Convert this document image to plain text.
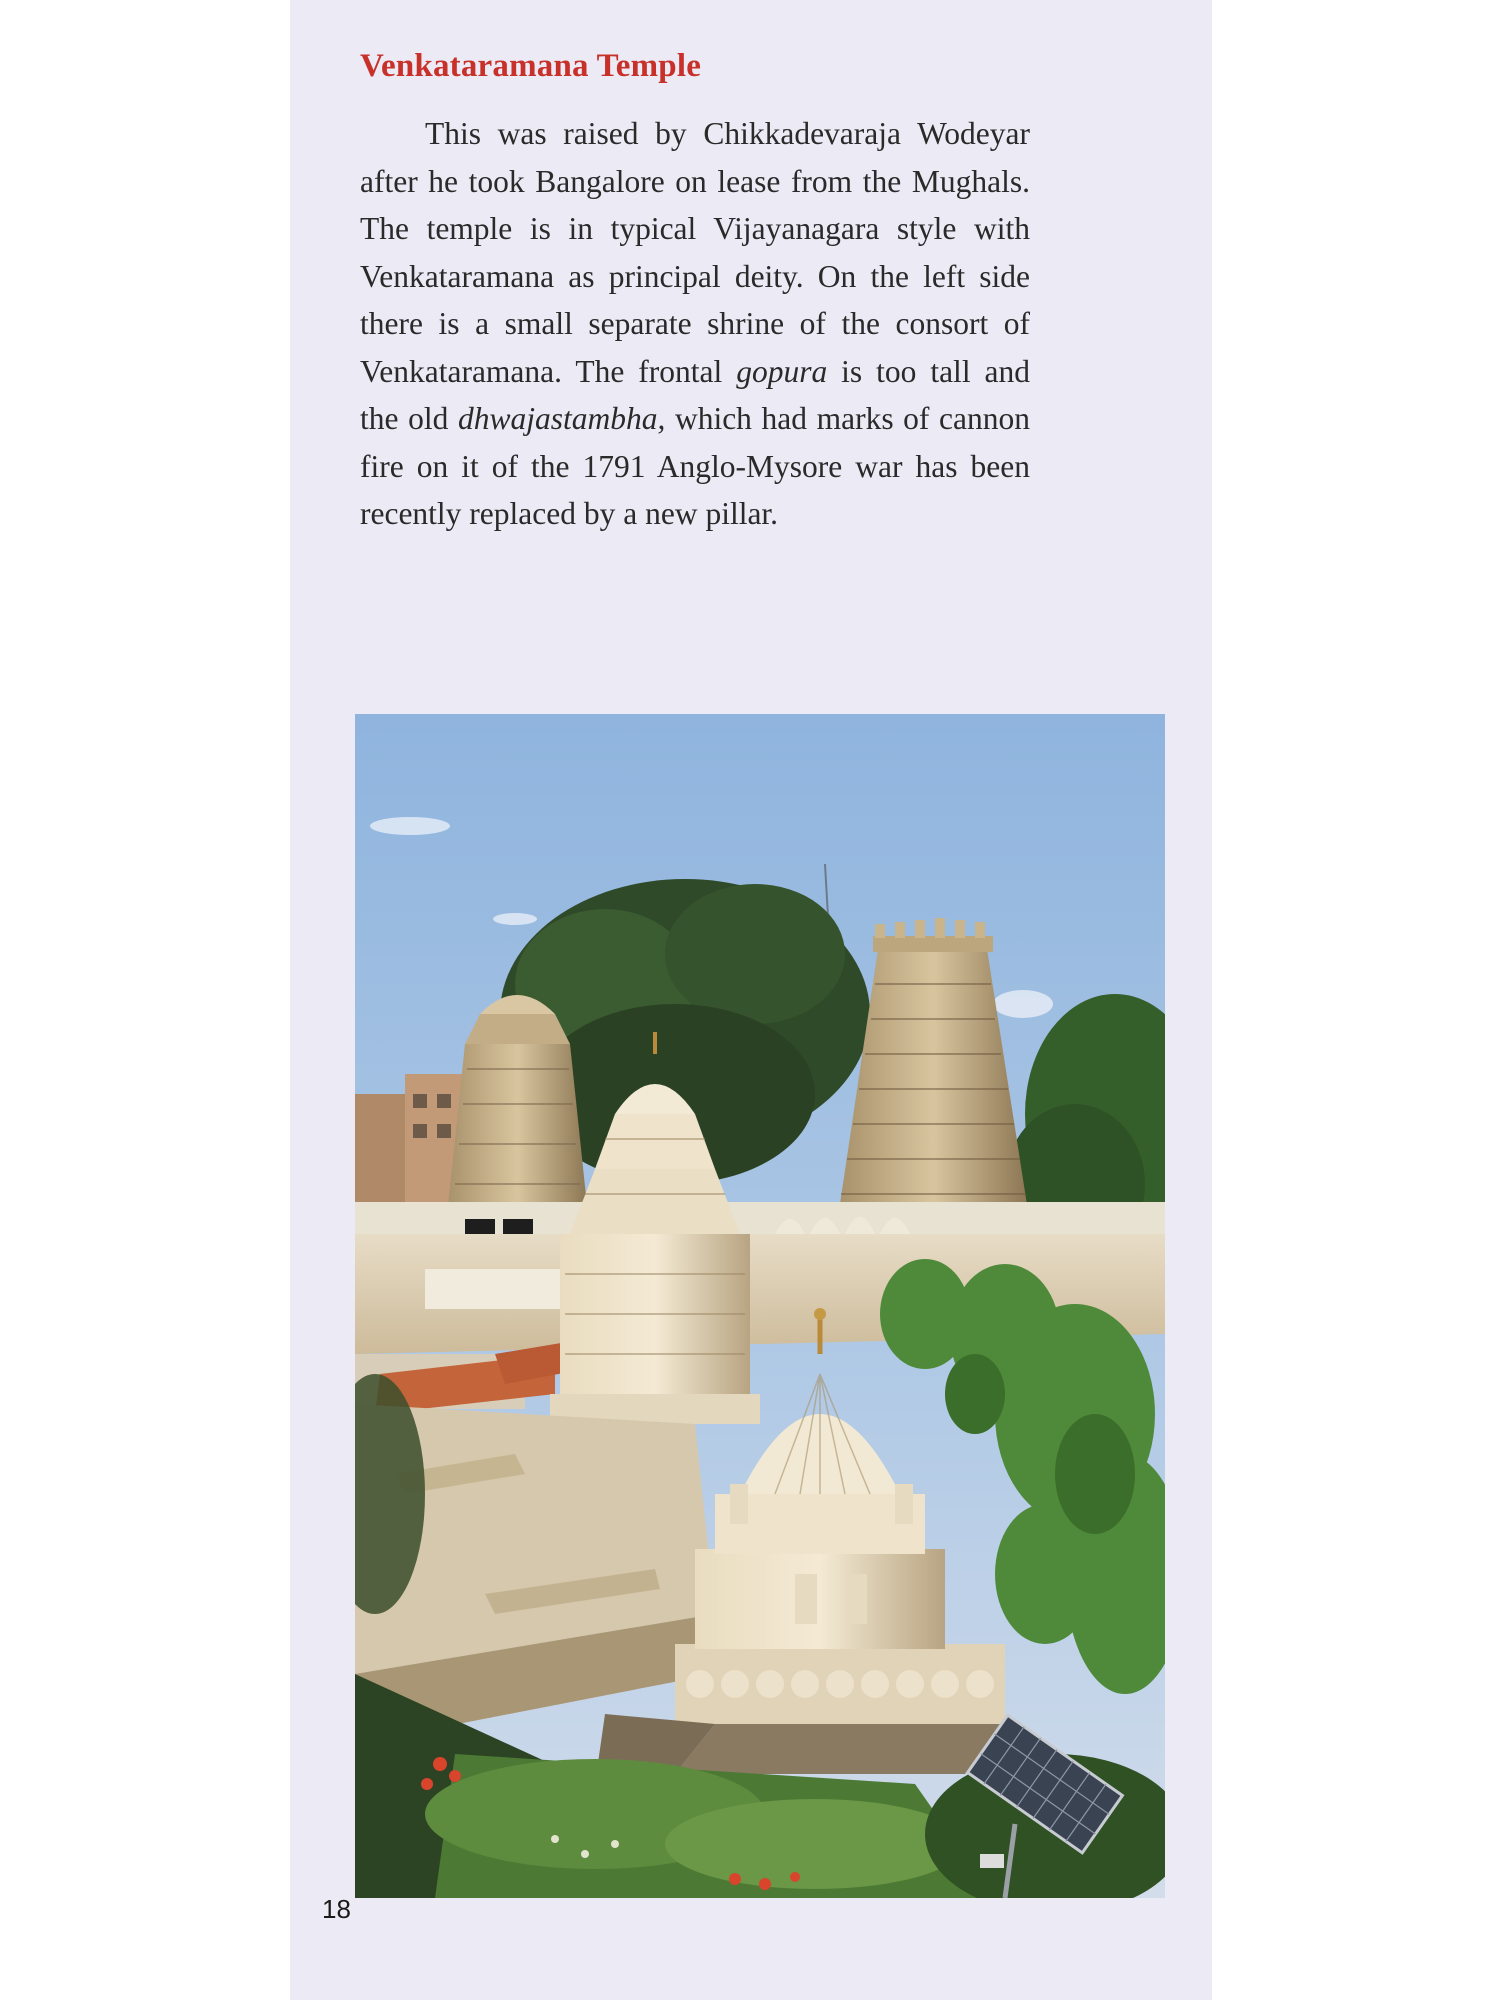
Venkataramana Temple

This was raised by Chikkadevaraja Wodeyar after he took Bangalore on lease from the Mughals. The temple is in typical Vijayanagara style with Venkataramana as principal deity. On the left side there is a small separate shrine of the consort of Venkataramana. The frontal gopura is too tall and the old dhwajastambha, which had marks of cannon fire on it of the 1791 Anglo-Mysore war has been recently replaced by a new pillar.

18
